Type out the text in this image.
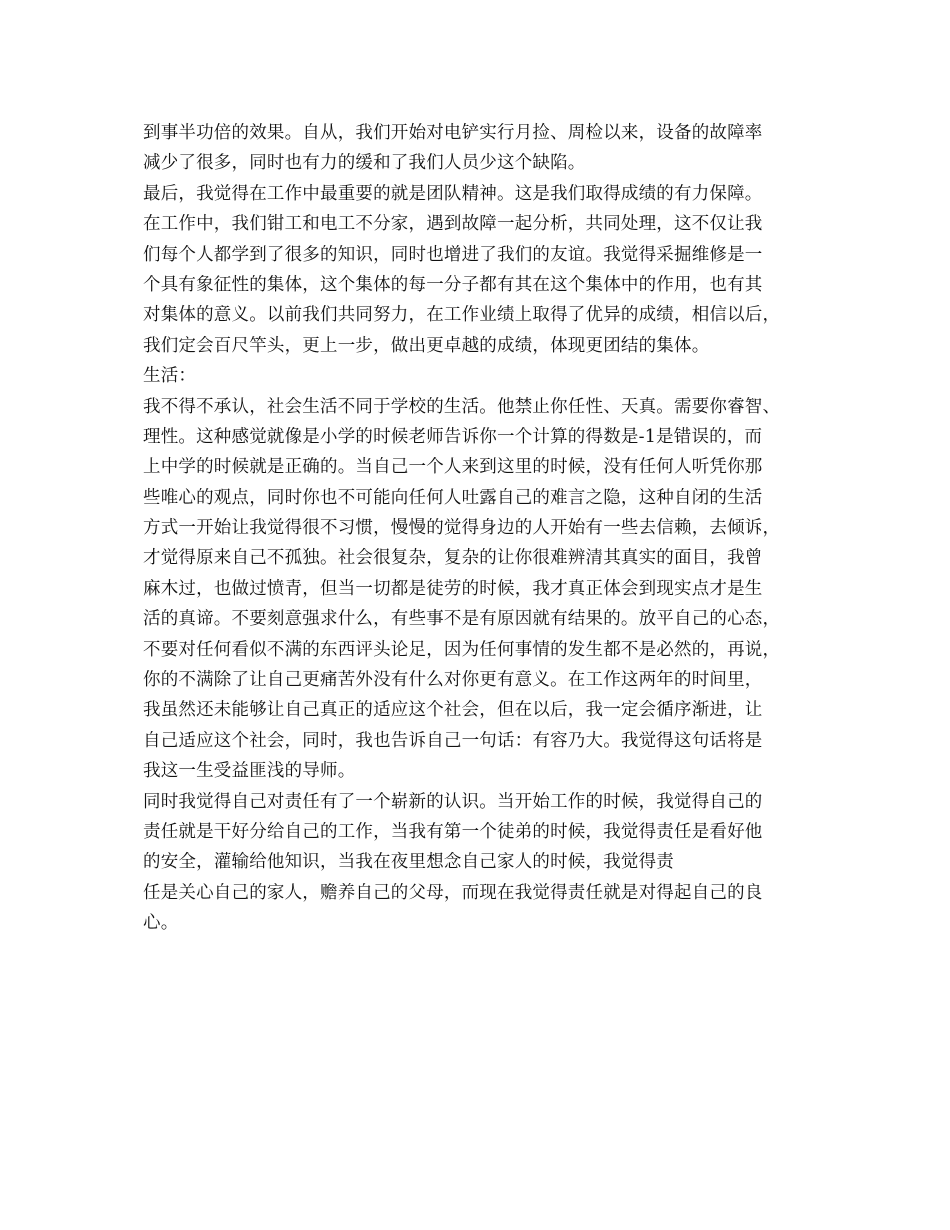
到事半功倍的效果。自从，我们开始对电铲实行月捡、周检以来，设备的故障率
减少了很多，同时也有力的缓和了我们人员少这个缺陷。
最后，我觉得在工作中最重要的就是团队精神。这是我们取得成绩的有力保障。
在工作中，我们钳工和电工不分家，遇到故障一起分析，共同处理，这不仅让我
们每个人都学到了很多的知识，同时也增进了我们的友谊。我觉得采掘维修是一
个具有象征性的集体，这个集体的每一分子都有其在这个集体中的作用，也有其
对集体的意义。以前我们共同努力，在工作业绩上取得了优异的成绩，相信以后，
我们定会百尺竿头，更上一步，做出更卓越的成绩，体现更团结的集体。
生活：
我不得不承认，社会生活不同于学校的生活。他禁止你任性、天真。需要你睿智、
理性。这种感觉就像是小学的时候老师告诉你一个计算的得数是-1是错误的，而
上中学的时候就是正确的。当自己一个人来到这里的时候，没有任何人听凭你那
些唯心的观点，同时你也不可能向任何人吐露自己的难言之隐，这种自闭的生活
方式一开始让我觉得很不习惯，慢慢的觉得身边的人开始有一些去信赖，去倾诉，
才觉得原来自己不孤独。社会很复杂，复杂的让你很难辨清其真实的面目，我曾
麻木过，也做过愤青，但当一切都是徒劳的时候，我才真正体会到现实点才是生
活的真谛。不要刻意强求什么，有些事不是有原因就有结果的。放平自己的心态，
不要对任何看似不满的东西评头论足，因为任何事情的发生都不是必然的，再说，
你的不满除了让自己更痛苦外没有什么对你更有意义。在工作这两年的时间里，
我虽然还未能够让自己真正的适应这个社会，但在以后，我一定会循序渐进，让
自己适应这个社会，同时，我也告诉自己一句话：有容乃大。我觉得这句话将是
我这一生受益匪浅的导师。
同时我觉得自己对责任有了一个崭新的认识。当开始工作的时候，我觉得自己的
责任就是干好分给自己的工作，当我有第一个徒弟的时候，我觉得责任是看好他
的安全，灌输给他知识，当我在夜里想念自己家人的时候，我觉得责
任是关心自己的家人，赡养自己的父母，而现在我觉得责任就是对得起自己的良
心。
